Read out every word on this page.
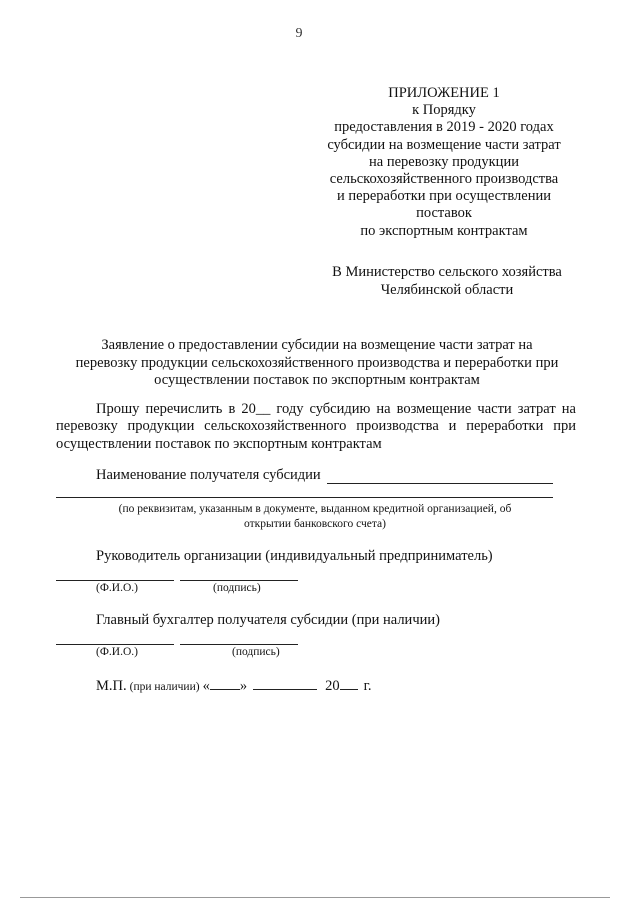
9
ПРИЛОЖЕНИЕ 1
к Порядку
предоставления в 2019 - 2020 годах
субсидии на возмещение части затрат
на перевозку продукции
сельскохозяйственного производства
и переработки при осуществлении
поставок
по экспортным контрактам
В Министерство сельского хозяйства
Челябинской области
Заявление о предоставлении субсидии на возмещение части затрат на
перевозку продукции сельскохозяйственного производства и переработки при
осуществлении поставок по экспортным контрактам
Прошу перечислить в 20__ году субсидию на возмещение части затрат на
перевозку продукции сельскохозяйственного производства и переработки при
осуществлении поставок по экспортным контрактам
Наименование получателя субсидии
(по реквизитам, указанным в документе, выданном кредитной организацией, об
открытии банковского счета)
Руководитель организации (индивидуальный предприниматель)
(Ф.И.О.)	(подпись)
Главный бухгалтер получателя субсидии (при наличии)
(Ф.И.О.)	(подпись)
М.П. (при наличии) « »	20 г.
